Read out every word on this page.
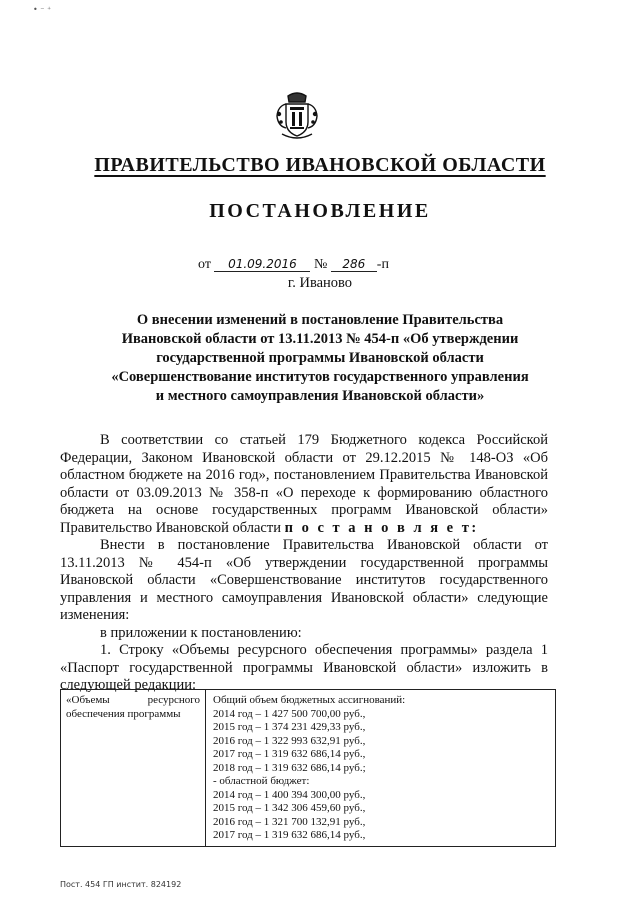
• ⁻ ⁺
ПРАВИТЕЛЬСТВО ИВАНОВСКОЙ ОБЛАСТИ
ПОСТАНОВЛЕНИЕ
от 01.09.2016 № 286 -п
г. Иваново
О внесении изменений в постановление Правительства
Ивановской области от 13.11.2013 № 454-п «Об утверждении
государственной программы Ивановской области
«Совершенствование институтов государственного управления
и местного самоуправления Ивановской области»

В соответствии со статьей 179 Бюджетного кодекса Российской Федерации, Законом Ивановской области от 29.12.2015 № 148-ОЗ «Об областном бюджете на 2016 год», постановлением Правительства Ивановской области от 03.09.2013 № 358-п «О переходе к формированию областного бюджета на основе государственных программ Ивановской области» Правительство Ивановской области п о с т а н о в л я е т:

Внести в постановление Правительства Ивановской области от 13.11.2013 № 454-п «Об утверждении государственной программы Ивановской области «Совершенствование институтов государственного управления и местного самоуправления Ивановской области» следующие изменения:

в приложении к постановлению:

1. Строку «Объемы ресурсного обеспечения программы» раздела 1 «Паспорт государственной программы Ивановской области» изложить в следующей редакции:

«Объемы ресурсного
обеспечения программы
Общий объем бюджетных ассигнований:
2014 год – 1 427 500 700,00 руб.,
2015 год – 1 374 231 429,33 руб.,
2016 год – 1 322 993 632,91 руб.,
2017 год – 1 319 632 686,14 руб.,
2018 год – 1 319 632 686,14 руб.;
- областной бюджет:
2014 год – 1 400 394 300,00 руб.,
2015 год – 1 342 306 459,60 руб.,
2016 год – 1 321 700 132,91 руб.,
2017 год – 1 319 632 686,14 руб.,
Пост. 454 ГП инстит. 824192
